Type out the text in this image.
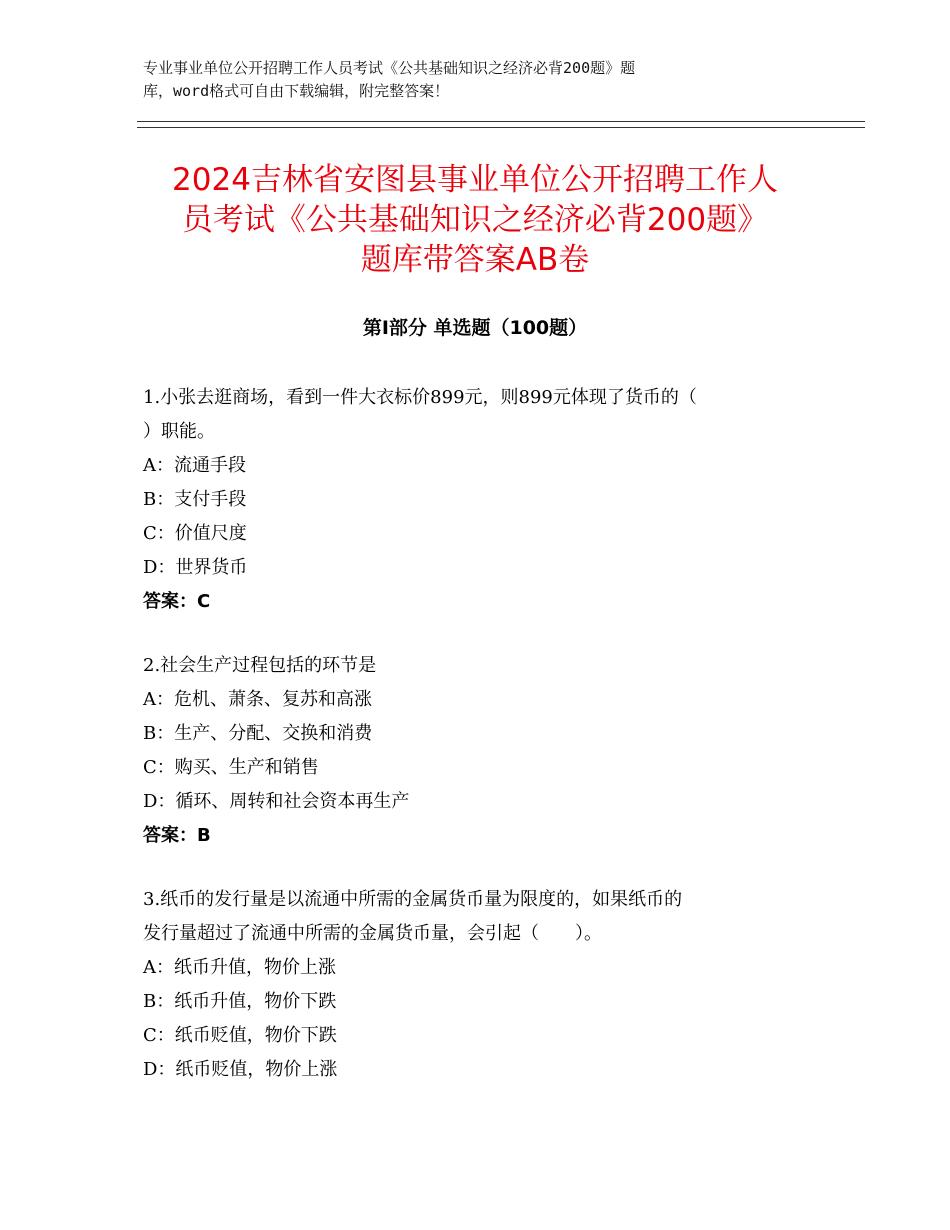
专业事业单位公开招聘工作人员考试《公共基础知识之经济必背200题》题
库，word格式可自由下载编辑，附完整答案！
2024吉林省安图县事业单位公开招聘工作人
员考试《公共基础知识之经济必背200题》
题库带答案AB卷
第Ⅰ部分 单选题（100题）
1.小张去逛商场，看到一件大衣标价899元，则899元体现了货币的（
）职能。
A：流通手段
B：支付手段
C：价值尺度
D：世界货币
答案：C
2.社会生产过程包括的环节是
A：危机、萧条、复苏和高涨
B：生产、分配、交换和消费
C：购买、生产和销售
D：循环、周转和社会资本再生产
答案：B
3.纸币的发行量是以流通中所需的金属货币量为限度的，如果纸币的
发行量超过了流通中所需的金属货币量，会引起（　　）。
A：纸币升值，物价上涨
B：纸币升值，物价下跌
C：纸币贬值，物价下跌
D：纸币贬值，物价上涨
